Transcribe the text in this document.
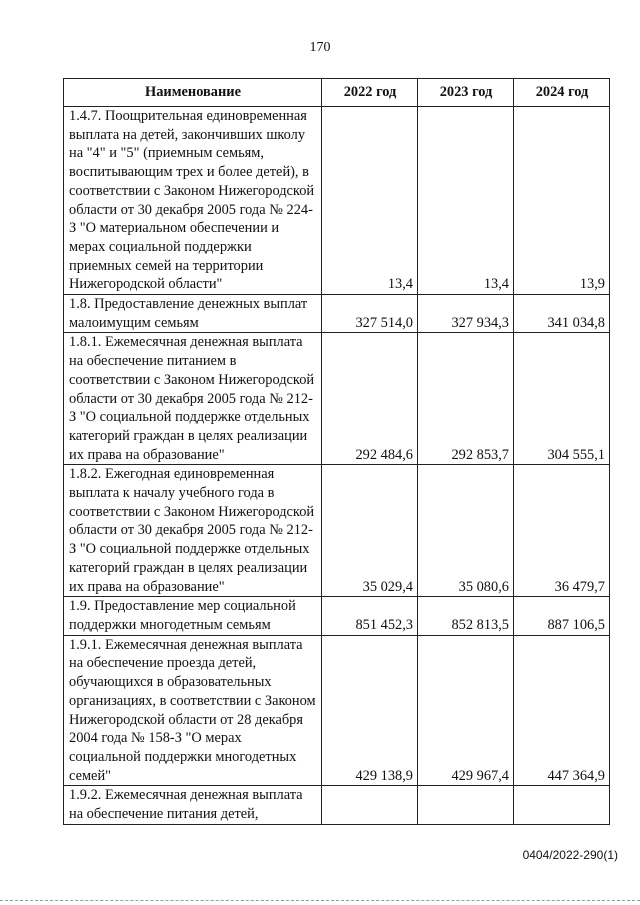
170
Наименование	2022 год	2023 год	2024 год
1.4.7. Поощрительная единовременная выплата на детей, закончивших школу на "4" и "5" (приемным семьям, воспитывающим трех и более детей), в соответствии с Законом Нижегородской области от 30 декабря 2005 года № 224-З "О материальном обеспечении и мерах социальной поддержки приемных семей на территории Нижегородской области"	13,4	13,4	13,9
1.8. Предоставление денежных выплат малоимущим семьям	327 514,0	327 934,3	341 034,8
1.8.1. Ежемесячная денежная выплата на обеспечение питанием в соответствии с Законом Нижегородской области от 30 декабря 2005 года № 212-З "О социальной поддержке отдельных категорий граждан в целях реализации их права на образование"	292 484,6	292 853,7	304 555,1
1.8.2. Ежегодная единовременная выплата к началу учебного года в соответствии с Законом Нижегородской области от 30 декабря 2005 года № 212-З "О социальной поддержке отдельных категорий граждан в целях реализации их права на образование"	35 029,4	35 080,6	36 479,7
1.9. Предоставление мер социальной поддержки многодетным семьям	851 452,3	852 813,5	887 106,5
1.9.1. Ежемесячная денежная выплата на обеспечение проезда детей, обучающихся в образовательных организациях, в соответствии с Законом Нижегородской области от 28 декабря 2004 года № 158-З "О мерах социальной поддержки многодетных семей"	429 138,9	429 967,4	447 364,9
1.9.2. Ежемесячная денежная выплата на обеспечение питания детей,			
0404/2022-290(1)
